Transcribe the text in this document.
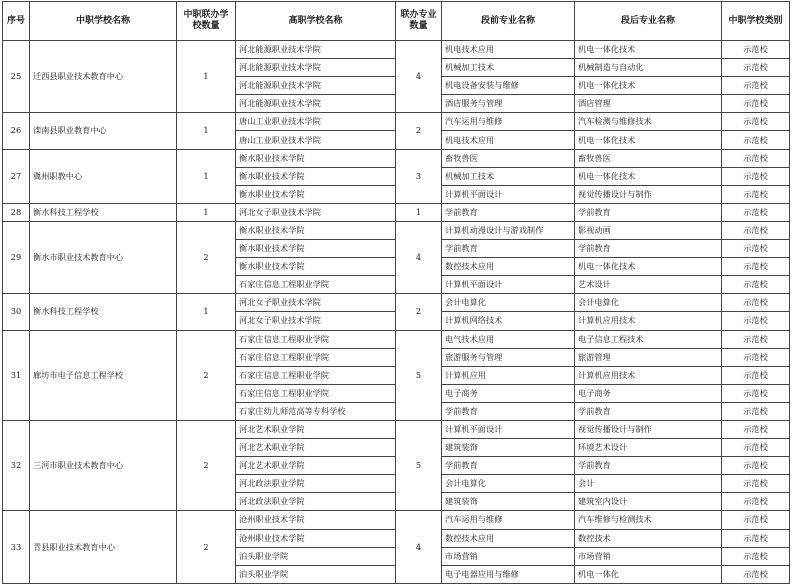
序号	中职学校名称	中职联办学校数量	高职学校名称	联办专业数量	段前专业名称	段后专业名称	中职学校类别
25	迁西县职业技术教育中心	1	河北能源职业技术学院	4	机电技术应用	机电一体化技术	示范校
			河北能源职业技术学院		机械加工技术	机械制造与自动化	示范校
			河北能源职业技术学院		机电设备安装与维修	机电一体化技术	示范校
			河北能源职业技术学院		酒店服务与管理	酒店管理	示范校
26	滦南县职业教育中心	1	唐山工业职业技术学院	2	汽车运用与维修	汽车检测与维修技术	示范校
			唐山工业职业技术学院		机电技术应用	机电一体化技术	示范校
27	冀州职教中心	1	衡水职业技术学院	3	畜牧兽医	畜牧兽医	示范校
			衡水职业技术学院		机械加工技术	机电一体化技术	示范校
			衡水职业技术学院		计算机平面设计	视觉传播设计与制作	示范校
28	衡水科技工程学校	1	河北女子职业技术学院	1	学前教育	学前教育	示范校
29	衡水市职业技术教育中心	2	衡水职业技术学院	4	计算机动漫设计与游戏制作	影视动画	示范校
			衡水职业技术学院		学前教育	学前教育	示范校
			衡水职业技术学院		数控技术应用	机电一体化技术	示范校
			石家庄信息工程职业学院		计算机平面设计	艺术设计	示范校
30	衡水科技工程学校	1	河北女子职业技术学院	2	会计电算化	会计电算化	示范校
			河北女子职业技术学院		计算机网络技术	计算机应用技术	示范校
31	廊坊市电子信息工程学校	2	石家庄信息工程职业学院	5	电气技术应用	电子信息工程技术	示范校
			石家庄信息工程职业学院		旅游服务与管理	旅游管理	示范校
			石家庄信息工程职业学院		计算机应用	计算机应用技术	示范校
			石家庄信息工程职业学院		电子商务	电子商务	示范校
			石家庄幼儿师范高等专科学校		学前教育	学前教育	示范校
32	三河市职业技术教育中心	2	河北艺术职业学院	5	计算机平面设计	视觉传播设计与制作	示范校
			河北艺术职业学院		建筑装饰	环境艺术设计	示范校
			河北艺术职业学院		学前教育	学前教育	示范校
			河北政法职业学院		会计电算化	会计	示范校
			河北政法职业学院		建筑装饰	建筑室内设计	示范校
33	青县职业技术教育中心	2	沧州职业技术学院	4	汽车运用与维修	汽车维修与检测技术	示范校
			沧州职业技术学院		数控技术应用	数控技术	示范校
			泊头职业学院		市场营销	市场营销	示范校
			泊头职业学院		电子电器应用与维修	机电一体化	示范校
